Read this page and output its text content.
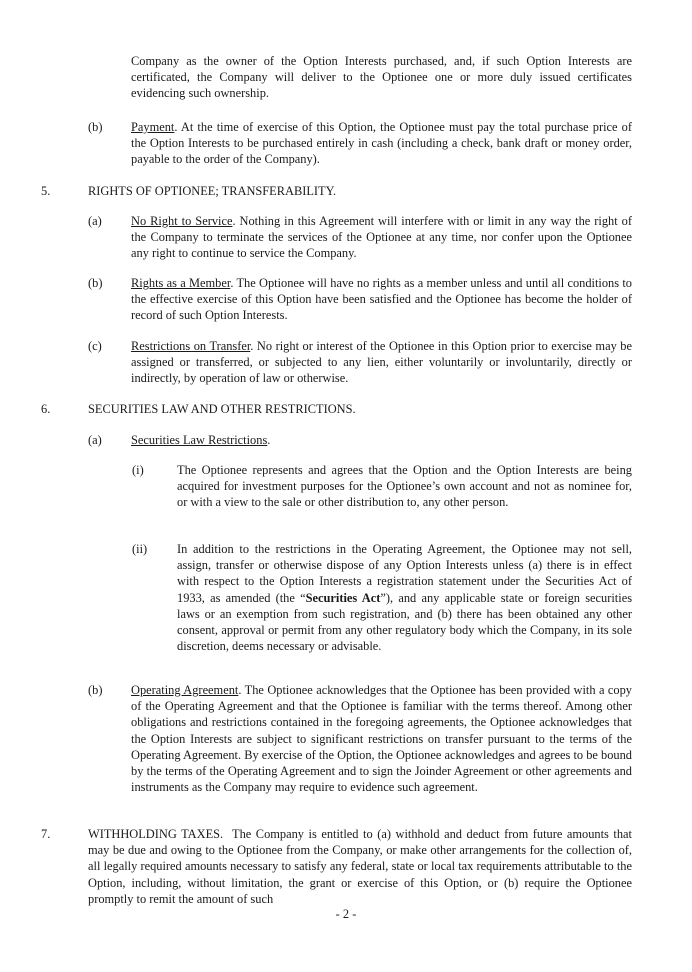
Company as the owner of the Option Interests purchased, and, if such Option Interests are certificated, the Company will deliver to the Optionee one or more duly issued certificates evidencing such ownership.
(b) Payment. At the time of exercise of this Option, the Optionee must pay the total purchase price of the Option Interests to be purchased entirely in cash (including a check, bank draft or money order, payable to the order of the Company).
5.	RIGHTS OF OPTIONEE; TRANSFERABILITY.
(a) No Right to Service. Nothing in this Agreement will interfere with or limit in any way the right of the Company to terminate the services of the Optionee at any time, nor confer upon the Optionee any right to continue to service the Company.
(b) Rights as a Member. The Optionee will have no rights as a member unless and until all conditions to the effective exercise of this Option have been satisfied and the Optionee has become the holder of record of such Option Interests.
(c) Restrictions on Transfer. No right or interest of the Optionee in this Option prior to exercise may be assigned or transferred, or subjected to any lien, either voluntarily or involuntarily, directly or indirectly, by operation of law or otherwise.
6.	SECURITIES LAW AND OTHER RESTRICTIONS.
(a) Securities Law Restrictions.
(i)	The Optionee represents and agrees that the Option and the Option Interests are being acquired for investment purposes for the Optionee’s own account and not as nominee for, or with a view to the sale or other distribution to, any other person.
(ii) In addition to the restrictions in the Operating Agreement, the Optionee may not sell, assign, transfer or otherwise dispose of any Option Interests unless (a) there is in effect with respect to the Option Interests a registration statement under the Securities Act of 1933, as amended (the “Securities Act”), and any applicable state or foreign securities laws or an exemption from such registration, and (b) there has been obtained any other consent, approval or permit from any other regulatory body which the Company, in its sole discretion, deems necessary or advisable.
(b) Operating Agreement. The Optionee acknowledges that the Optionee has been provided with a copy of the Operating Agreement and that the Optionee is familiar with the terms thereof. Among other obligations and restrictions contained in the foregoing agreements, the Optionee acknowledges that the Option Interests are subject to significant restrictions on transfer pursuant to the terms of the Operating Agreement. By exercise of the Option, the Optionee acknowledges and agrees to be bound by the terms of the Operating Agreement and to sign the Joinder Agreement or other agreements and instruments as the Company may require to evidence such agreement.
7.	WITHHOLDING TAXES. The Company is entitled to (a) withhold and deduct from future amounts that may be due and owing to the Optionee from the Company, or make other arrangements for the collection of, all legally required amounts necessary to satisfy any federal, state or local tax requirements attributable to the Option, including, without limitation, the grant or exercise of this Option, or (b) require the Optionee promptly to remit the amount of such
- 2 -
